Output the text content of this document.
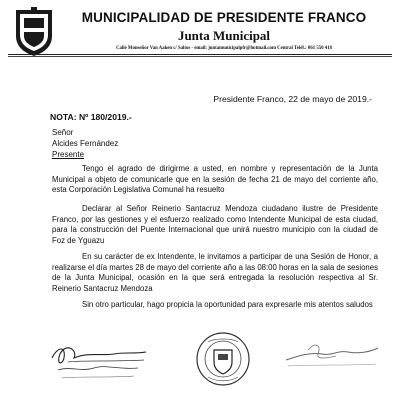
MUNICIPALIDAD DE PRESIDENTE FRANCO
Junta Municipal
Calle Monseñor Van Aaken c/ Saltos - email: juntamunicipalpfr@hotmail.com Central Teléf.: 061 550 418
Presidente Franco, 22 de mayo de 2019.-
NOTA: Nº 180/2019.-
Señor
Alcides Fernández
Presente

Tengo el agrado de dirigirme a usted, en nombre y representación de la Junta Municipal a objeto de comunicarle que en la sesión de fecha 21 de mayo del corriente año, esta Corporación Legislativa Comunal ha resuelto

Declarar al Señor Reinerio Santacruz Mendoza ciudadano ilustre de Presidente Franco, por las gestiones y el esfuerzo realizado como Intendente Municipal de esta ciudad, para la construcción del Puente Internacional que unirá nuestro municipio con la ciudad de Foz de Yguazu

En su carácter de ex Intendente, le invitamos a participar de una Sesión de Honor, a realizarse el día martes 28 de mayo del corriente año a las 08:00 horas en la sala de sesiones de la Junta Municipal, ocasión en la que será entregada la resolución respectiva al Sr. Reinerio Santacruz Mendoza

Sin otro particular, hago propicia la oportunidad para expresarle mis atentos saludos
